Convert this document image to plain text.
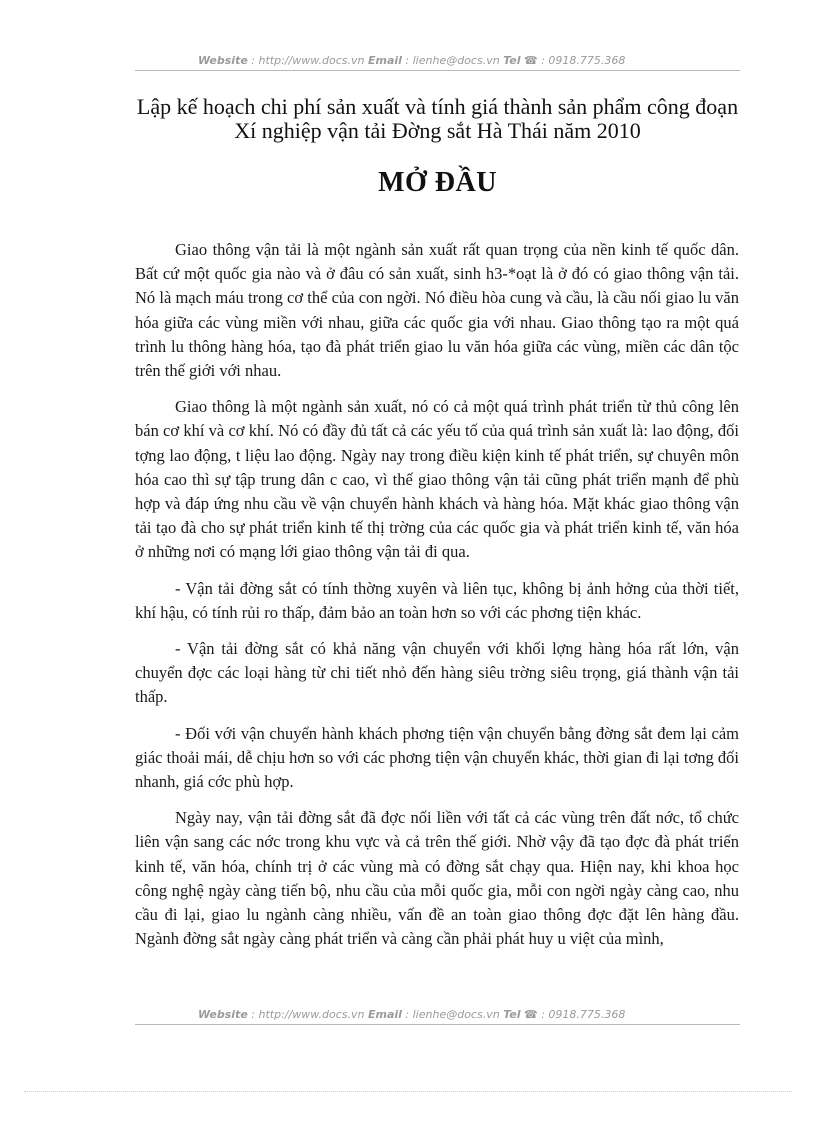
Website : http://www.docs.vn Email : lienhe@docs.vn Tel ☎ : 0918.775.368
Lập kế hoạch chi phí sản xuất và tính giá thành sản phẩm công đoạn Xí nghiệp vận tải Đờng sắt Hà Thái năm 2010
MỞ ĐẦU

Giao thông vận tải là một ngành sản xuất rất quan trọng của nền kinh tế quốc dân. Bất cứ một quốc gia nào và ở đâu có sản xuất, sinh h3-*oạt là ở đó có giao thông vận tải. Nó là mạch máu trong cơ thể của con ngời. Nó điều hòa cung và cầu, là cầu nối giao lu văn hóa giữa các vùng miền với nhau, giữa các quốc gia với nhau. Giao thông tạo ra một quá trình lu thông hàng hóa, tạo đà phát triển giao lu văn hóa giữa các vùng, miền các dân tộc trên thế giới với nhau.

Giao thông là một ngành sản xuất, nó có cả một quá trình phát triển từ thủ công lên bán cơ khí và cơ khí. Nó có đầy đủ tất cả các yếu tố của quá trình sản xuất là: lao động, đối tợng lao động, t liệu lao động. Ngày nay trong điều kiện kinh tế phát triển, sự chuyên môn hóa cao thì sự tập trung dân c cao, vì thế giao thông vận tải cũng phát triển mạnh để phù hợp và đáp ứng nhu cầu về vận chuyển hành khách và hàng hóa. Mặt khác giao thông vận tải tạo đà cho sự phát triển kinh tế thị trờng của các quốc gia và phát triển kinh tế, văn hóa ở những nơi có mạng lới giao thông vận tải đi qua.

- Vận tải đờng sắt có tính thờng xuyên và liên tục, không bị ảnh hởng của thời tiết, khí hậu, có tính rủi ro thấp, đảm bảo an toàn hơn so với các phơng tiện khác.

- Vận tải đờng sắt có khả năng vận chuyển với khối lợng hàng hóa rất lớn, vận chuyển đợc các loại hàng từ chi tiết nhỏ đến hàng siêu trờng siêu trọng, giá thành vận tải thấp.

- Đối với vận chuyển hành khách phơng tiện vận chuyển bằng đờng sắt đem lại cảm giác thoải mái, dễ chịu hơn so với các phơng tiện vận chuyển khác, thời gian đi lại tơng đối nhanh, giá cớc phù hợp.

Ngày nay, vận tải đờng sắt đã đợc nối liền với tất cả các vùng trên đất nớc, tổ chức liên vận sang các nớc trong khu vực và cả trên thế giới. Nhờ vậy đã tạo đợc đà phát triển kinh tế, văn hóa, chính trị ở các vùng mà có đờng sắt chạy qua. Hiện nay, khi khoa học công nghệ ngày càng tiến bộ, nhu cầu của mỗi quốc gia, mỗi con ngời ngày càng cao, nhu cầu đi lại, giao lu ngành càng nhiều, vấn đề an toàn giao thông đợc đặt lên hàng đầu. Ngành đờng sắt ngày càng phát triển và càng cần phải phát huy u việt của mình,

Website : http://www.docs.vn Email : lienhe@docs.vn Tel ☎ : 0918.775.368
